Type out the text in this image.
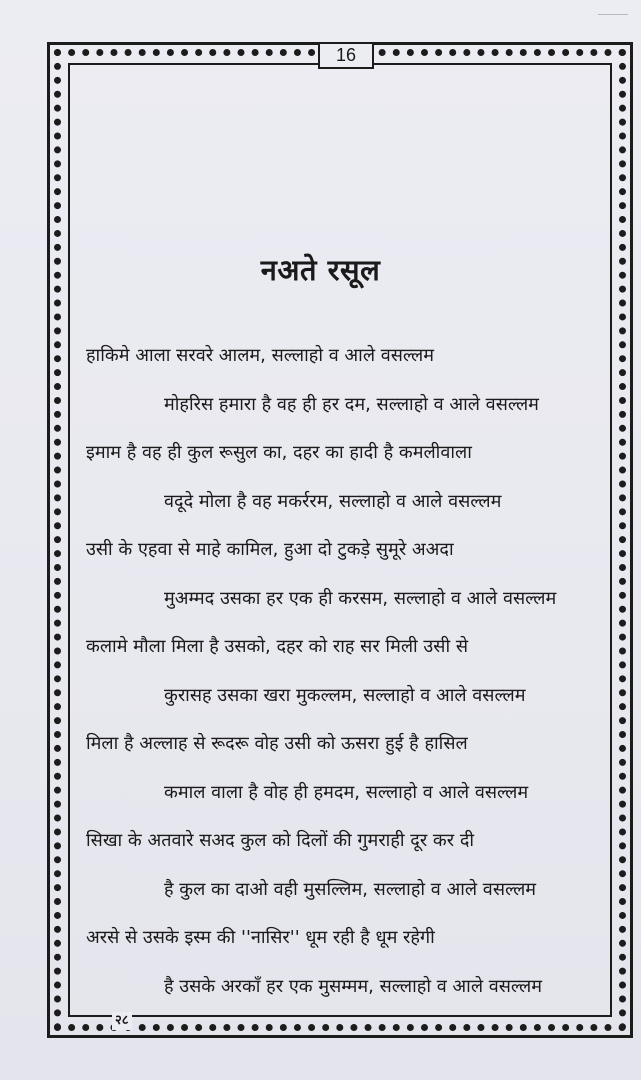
16
नअते रसूल
हाकिमे आला सरवरे आलम, सल्लाहो व आले वसल्लम
मोहरिस हमारा है वह ही हर दम, सल्लाहो व आले वसल्लम
इमाम है वह ही कुल रूसुल का, दहर का हादी है कमलीवाला
वदूदे मोला है वह मकर्ररम, सल्लाहो व आले वसल्लम
उसी के एहवा से माहे कामिल, हुआ दो टुकड़े सुमूरे अअदा
मुअम्मद उसका हर एक ही करसम, सल्लाहो व आले वसल्लम
कलामे मौला मिला है उसको, दहर को राह सर मिली उसी से
कुरासह उसका खरा मुकल्लम, सल्लाहो व आले वसल्लम
मिला है अल्लाह से रूदरू वोह उसी को ऊसरा हुई है हासिल
कमाल वाला है वोह ही हमदम, सल्लाहो व आले वसल्लम
सिखा के अतवारे सअद कुल को दिलों की गुमराही दूर कर दी
है कुल का दाओ वही मुसल्लिम, सल्लाहो व आले वसल्लम
अरसे से उसके इस्म की ''नासिर'' धूम रही है धूम रहेगी
है उसके अरकाँ हर एक मुसम्मम, सल्लाहो व आले वसल्लम
२८
